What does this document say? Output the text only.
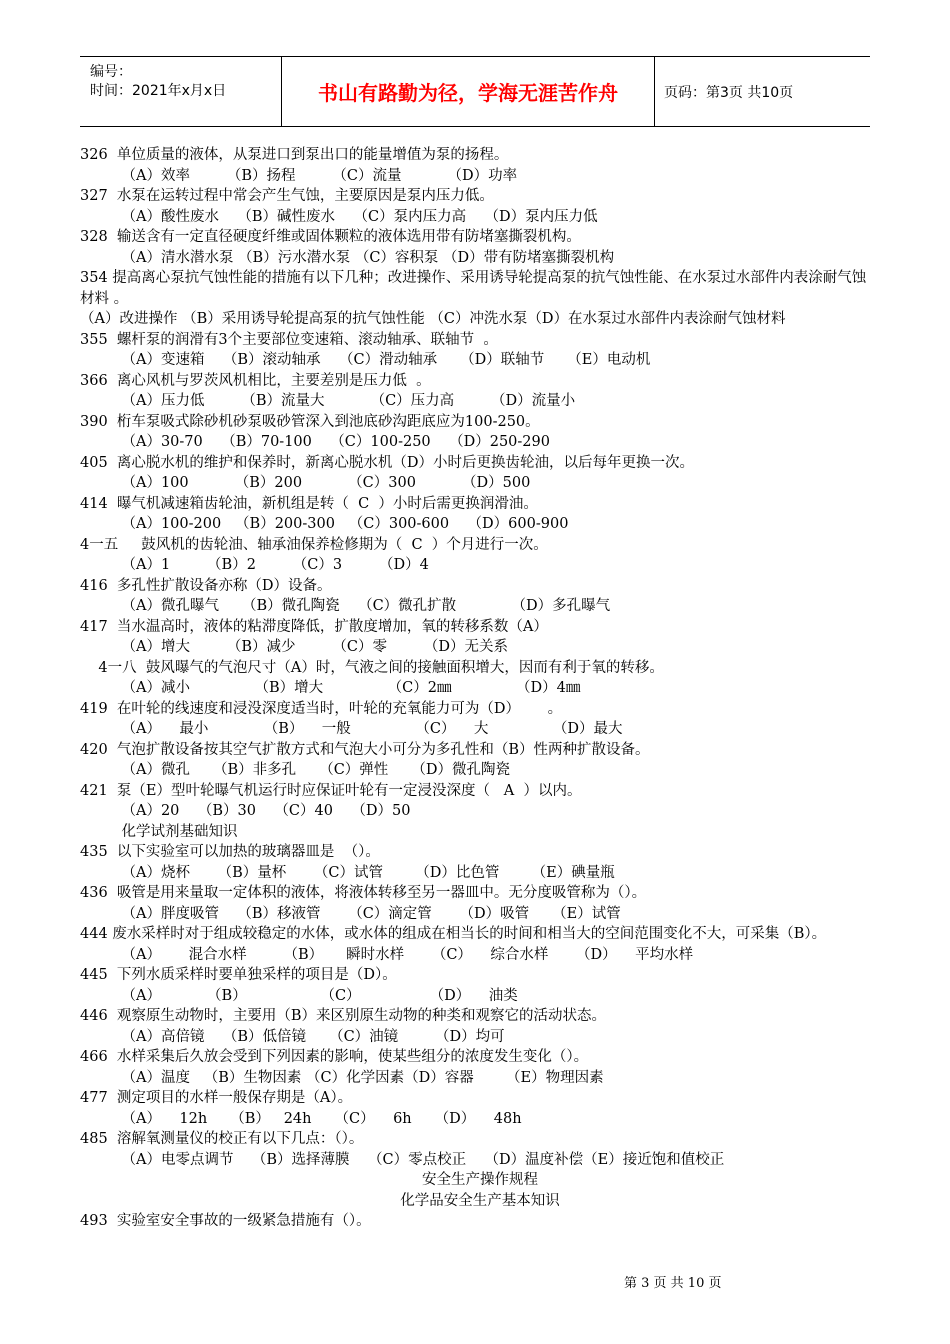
编号：
时间：2021年x月x日	书山有路勤为径，学海无涯苦作舟	页码：第3页 共10页
326  单位质量的液体，从泵进口到泵出口的能量增值为泵的扬程。
（A）效率        （B）扬程        （C）流量          （D）功率
327  水泵在运转过程中常会产生气蚀，主要原因是泵内压力低。
（A）酸性废水    （B）碱性废水    （C）泵内压力高    （D）泵内压力低
328  输送含有一定直径硬度纤维或固体颗粒的液体选用带有防堵塞撕裂机构。
（A）清水潜水泵 （B）污水潜水泵 （C）容积泵 （D）带有防堵塞撕裂机构
354 提高离心泵抗气蚀性能的措施有以下几种；改进操作、采用诱导轮提高泵的抗气蚀性能、在水泵过水部件内表涂耐气蚀材料 。
（A）改进操作 （B）采用诱导轮提高泵的抗气蚀性能 （C）冲洗水泵（D）在水泵过水部件内表涂耐气蚀材料
355  螺杆泵的润滑有3个主要部位变速箱、滚动轴承、联轴节  。
（A）变速箱    （B）滚动轴承    （C）滑动轴承     （D）联轴节     （E）电动机
366  离心风机与罗茨风机相比，主要差别是压力低  。
（A）压力低        （B）流量大          （C）压力高        （D）流量小
390  桁车泵吸式除砂机砂泵吸砂管深入到池底砂沟距底应为100-250。
（A）30-70    （B）70-100    （C）100-250    （D）250-290
405  离心脱水机的维护和保养时，新离心脱水机（D）小时后更换齿轮油，以后每年更换一次。
（A）100          （B）200          （C）300          （D）500
414  曝气机减速箱齿轮油，新机组是转（  C  ）小时后需更换润滑油。
（A）100-200   （B）200-300   （C）300-600    （D）600-900
4一五     鼓风机的齿轮油、轴承油保养检修期为（  C  ）个月进行一次。
（A）1        （B）2        （C）3        （D）4
416  多孔性扩散设备亦称（D）设备。
（A）微孔曝气     （B）微孔陶瓷    （C）微孔扩散            （D）多孔曝气
417  当水温高时，液体的粘滞度降低，扩散度增加，氧的转移系数（A）
（A）增大        （B）减少        （C）零        （D）无关系
4一八  鼓风曝气的气泡尺寸（A）时，气液之间的接触面积增大，因而有利于氧的转移。
（A）减小              （B）增大              （C）2㎜              （D）4㎜
419  在叶轮的线速度和浸没深度适当时，叶轮的充氧能力可为（D）      。
（A）    最小            （B）    一般              （C）    大              （D）最大
420  气泡扩散设备按其空气扩散方式和气泡大小可分为多孔性和（B）性两种扩散设备。
（A）微孔     （B）非多孔     （C）弹性     （D）微孔陶瓷
421  泵（E）型叶轮曝气机运行时应保证叶轮有一定浸没深度（   A  ）以内。
（A）20    （B）30    （C）40    （D）50
化学试剂基础知识
435  以下实验室可以加热的玻璃器皿是  （）。
（A）烧杯      （B）量杯      （C）试管       （D）比色管       （E）碘量瓶
436  吸管是用来量取一定体积的液体，将液体转移至另一器皿中。无分度吸管称为（）。
（A）胖度吸管    （B）移液管      （C）滴定管      （D）吸管     （E）试管
444 废水采样时对于组成较稳定的水体，或水体的组成在相当长的时间和相当大的空间范围变化不大，可采集（B）。
（A）      混合水样        （B）     瞬时水样      （C）    综合水样      （D）    平均水样
445  下列水质采样时要单独采样的项目是（D）。
（A）          （B）                （C）               （D）    油类
446  观察原生动物时，主要用（B）来区别原生动物的种类和观察它的活动状态。
（A）高倍镜    （B）低倍镜     （C）油镜        （D）均可
466  水样采集后久放会受到下列因素的影响，使某些组分的浓度发生变化（）。
（A）温度   （B）生物因素 （C）化学因素（D）容器       （E）物理因素
477  测定项目的水样一般保存期是（A）。
（A）    12h     （B）   24h     （C）    6h     （D）    48h
485  溶解氧测量仪的校正有以下几点：（）。
（A）电零点调节    （B）选择薄膜    （C）零点校正    （D）温度补偿（E）接近饱和值校正
安全生产操作规程
化学品安全生产基本知识
493  实验室安全事故的一级紧急措施有（）。
第 3 页 共 10 页
